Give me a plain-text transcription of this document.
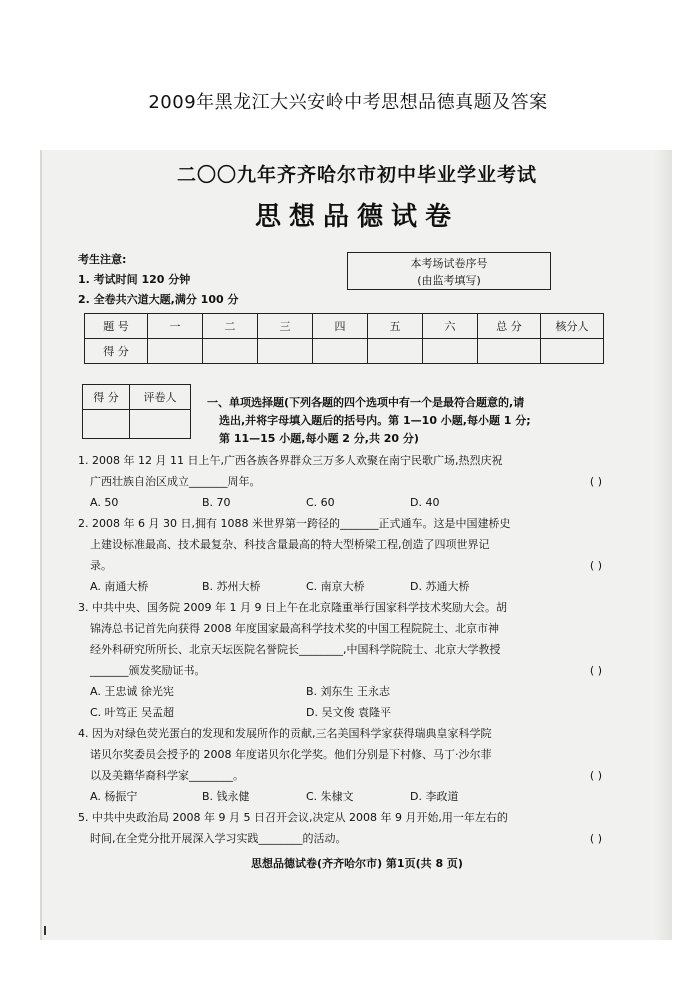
2009年黑龙江大兴安岭中考思想品德真题及答案
二〇〇九年齐齐哈尔市初中毕业学业考试
思想品德试卷
考生注意:
1. 考试时间 120 分钟
2. 全卷共六道大题,满分 100 分
本考场试卷序号
(由监考填写)
题 号	一	二	三	四	五	六	总 分	核分人
得 分								
得 分	评卷人
		一、单项选择题(下列各题的四个选项中有一个是最符合题意的,请
选出,并将字母填入题后的括号内。第 1—10 小题,每小题 1 分;
第 11—15 小题,每小题 2 分,共 20 分)
1. 2008 年 12 月 11 日上午,广西各族各界群众三万多人欢聚在南宁民歌广场,热烈庆祝
广西壮族自治区成立_______周年。	( )
A. 50	B. 70	C. 60	D. 40
2. 2008 年 6 月 30 日,拥有 1088 米世界第一跨径的_______正式通车。这是中国建桥史
上建设标准最高、技术最复杂、科技含量最高的特大型桥梁工程,创造了四项世界记
录。	( )
A. 南通大桥	B. 苏州大桥	C. 南京大桥	D. 苏通大桥
3. 中共中央、国务院 2009 年 1 月 9 日上午在北京隆重举行国家科学技术奖励大会。胡
锦涛总书记首先向获得 2008 年度国家最高科学技术奖的中国工程院院士、北京市神
经外科研究所所长、北京天坛医院名誉院长________,中国科学院院士、北京大学教授
_______颁发奖励证书。	( )
A. 王忠诚 徐光宪	B. 刘东生 王永志
C. 叶笃正 吴孟超	D. 吴文俊 袁隆平
4. 因为对绿色荧光蛋白的发现和发展所作的贡献,三名美国科学家获得瑞典皇家科学院
诺贝尔奖委员会授予的 2008 年度诺贝尔化学奖。他们分别是下村修、马丁·沙尔菲
以及美籍华裔科学家________。	( )
A. 杨振宁	B. 钱永健	C. 朱棣文	D. 李政道
5. 中共中央政治局 2008 年 9 月 5 日召开会议,决定从 2008 年 9 月开始,用一年左右的
时间,在全党分批开展深入学习实践________的活动。	( )
思想品德试卷(齐齐哈尔市) 第1页(共 8 页)
